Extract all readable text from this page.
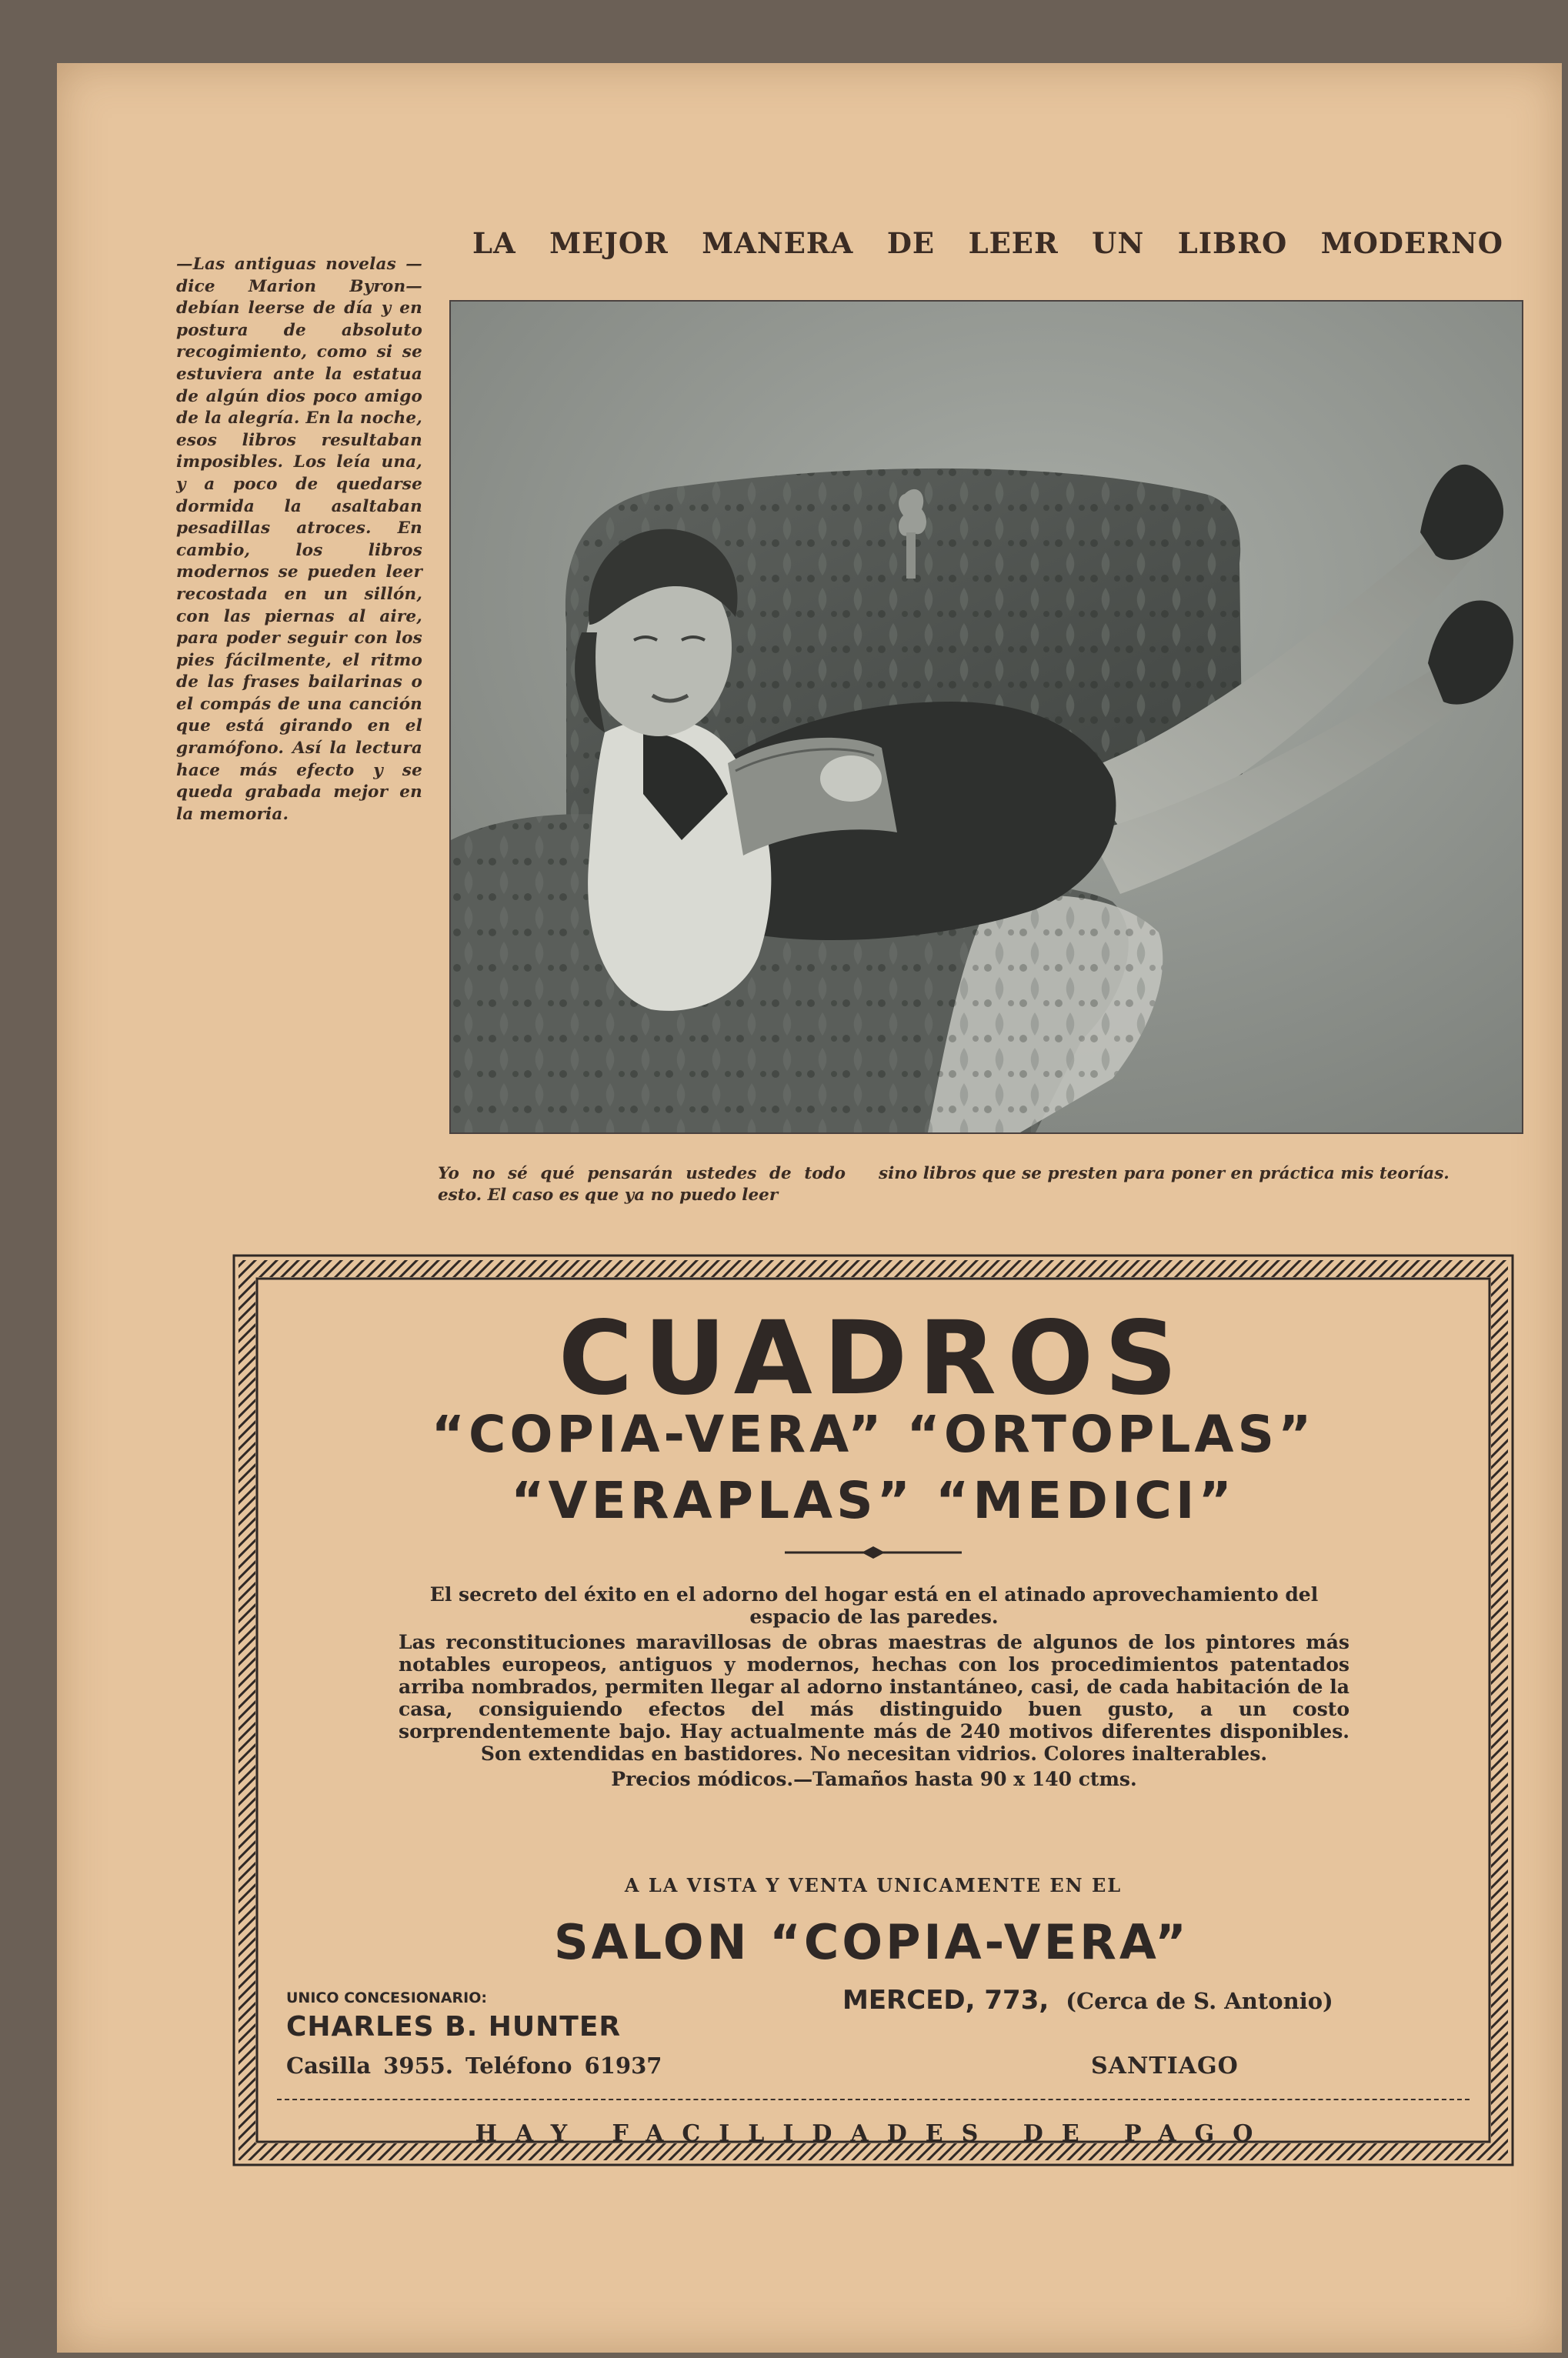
—Las antiguas novelas —dice Marion Byron—debían leerse de día y en postura de absoluto recogimiento, como si se estuviera ante la estatua de algún dios poco amigo de la alegría. En la noche, esos libros resultaban imposibles. Los leía una, y a poco de quedarse dormida la asaltaban pesadillas atroces. En cambio, los libros modernos se pueden leer recostada en un sillón, con las piernas al aire, para poder seguir con los pies fácilmente, el ritmo de las frases bailarinas o el compás de una canción que está girando en el gramófono. Así la lectura hace más efecto y se queda grabada mejor en la memoria.
LA MEJOR MANERA DE LEER UN LIBRO MODERNO
Yo no sé qué pensarán ustedes de todo esto. El caso es que ya no puedo leer
sino libros que se presten para poner en práctica mis teorías.
CUADROS
“COPIA-VERA” “ORTOPLAS”
“VERAPLAS” “MEDICI”

El secreto del éxito en el adorno del hogar está en el atinado aprovechamiento del espacio de las paredes.

Las reconstituciones maravillosas de obras maestras de algunos de los pintores más notables europeos, antiguos y modernos, hechas con los procedimientos patentados arriba nombrados, permiten llegar al adorno instantáneo, casi, de cada habitación de la casa, consiguiendo efectos del más distinguido buen gusto, a un costo sorprendentemente bajo. Hay actualmente más de 240 motivos diferentes disponibles. Son extendidas en bastidores. No necesitan vidrios. Colores inalterables.

Precios módicos.—Tamaños hasta 90 x 140 ctms.

A LA VISTA Y VENTA UNICAMENTE EN EL
SALON “COPIA-VERA”
UNICO CONCESIONARIO:
CHARLES B. HUNTER
Casilla 3955. Teléfono 61937
MERCED, 773, (Cerca de S. Antonio)
SANTIAGO
HAY FACILIDADES DE PAGO
